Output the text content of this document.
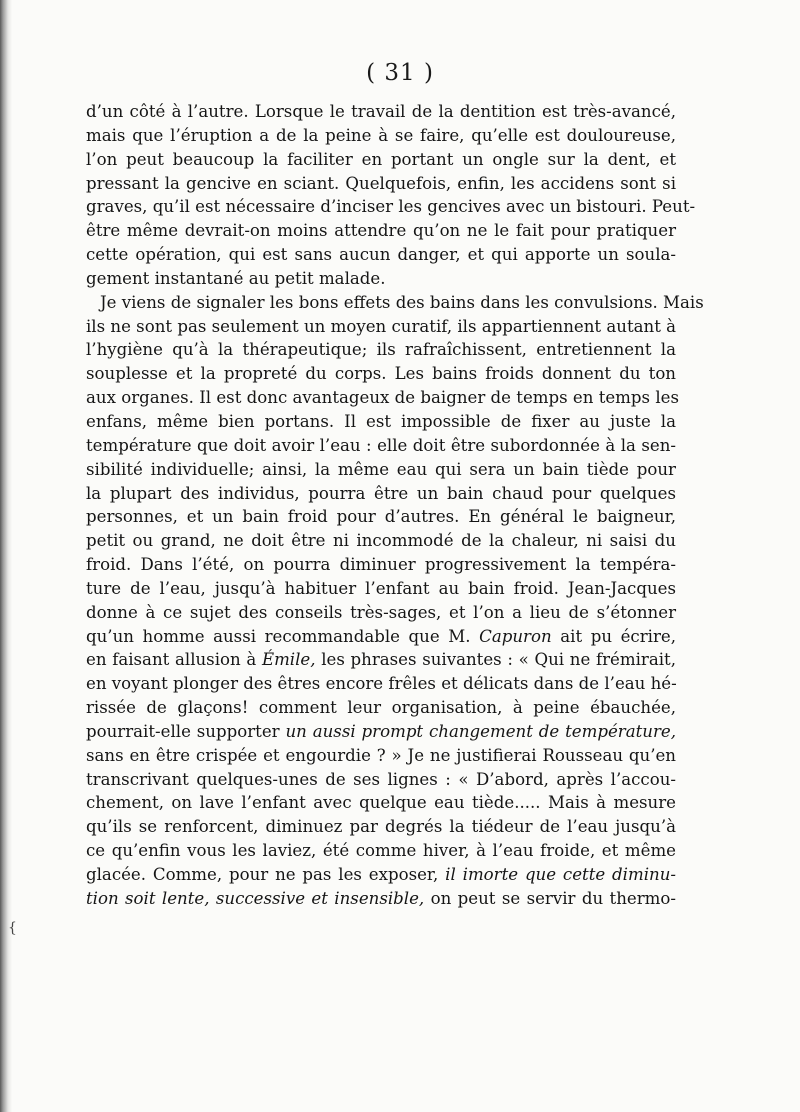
( 31 )
d’un côté à l’autre. Lorsque le travail de la dentition est très-avancé,
mais que l’éruption a de la peine à se faire, qu’elle est douloureuse,
l’on peut beaucoup la faciliter en portant un ongle sur la dent, et
pressant la gencive en sciant. Quelquefois, enfin, les accidens sont si
graves, qu’il est nécessaire d’inciser les gencives avec un bistouri. Peut-
être même devrait-on moins attendre qu’on ne le fait pour pratiquer
cette opération, qui est sans aucun danger, et qui apporte un soula-
gement instantané au petit malade.
Je viens de signaler les bons effets des bains dans les convulsions. Mais
ils ne sont pas seulement un moyen curatif, ils appartiennent autant à
l’hygiène qu’à la thérapeutique; ils rafraîchissent, entretiennent la
souplesse et la propreté du corps. Les bains froids donnent du ton
aux organes. Il est donc avantageux de baigner de temps en temps les
enfans, même bien portans. Il est impossible de fixer au juste la
température que doit avoir l’eau : elle doit être subordonnée à la sen-
sibilité individuelle; ainsi, la même eau qui sera un bain tiède pour
la plupart des individus, pourra être un bain chaud pour quelques
personnes, et un bain froid pour d’autres. En général le baigneur,
petit ou grand, ne doit être ni incommodé de la chaleur, ni saisi du
froid. Dans l’été, on pourra diminuer progressivement la tempéra-
ture de l’eau, jusqu’à habituer l’enfant au bain froid. Jean-Jacques
donne à ce sujet des conseils très-sages, et l’on a lieu de s’étonner
qu’un homme aussi recommandable que M. Capuron ait pu écrire,
en faisant allusion à Émile, les phrases suivantes : « Qui ne frémirait,
en voyant plonger des êtres encore frêles et délicats dans de l’eau hé-
rissée de glaçons! comment leur organisation, à peine ébauchée,
pourrait-elle supporter un aussi prompt changement de température,
sans en être crispée et engourdie ? » Je ne justifierai Rousseau qu’en
transcrivant quelques-unes de ses lignes : « D’abord, après l’accou-
chement, on lave l’enfant avec quelque eau tiède..... Mais à mesure
qu’ils se renforcent, diminuez par degrés la tiédeur de l’eau jusqu’à
ce qu’enfin vous les laviez, été comme hiver, à l’eau froide, et même
glacée. Comme, pour ne pas les exposer, il imorte que cette diminu-
tion soit lente, successive et insensible, on peut se servir du thermo-
{
